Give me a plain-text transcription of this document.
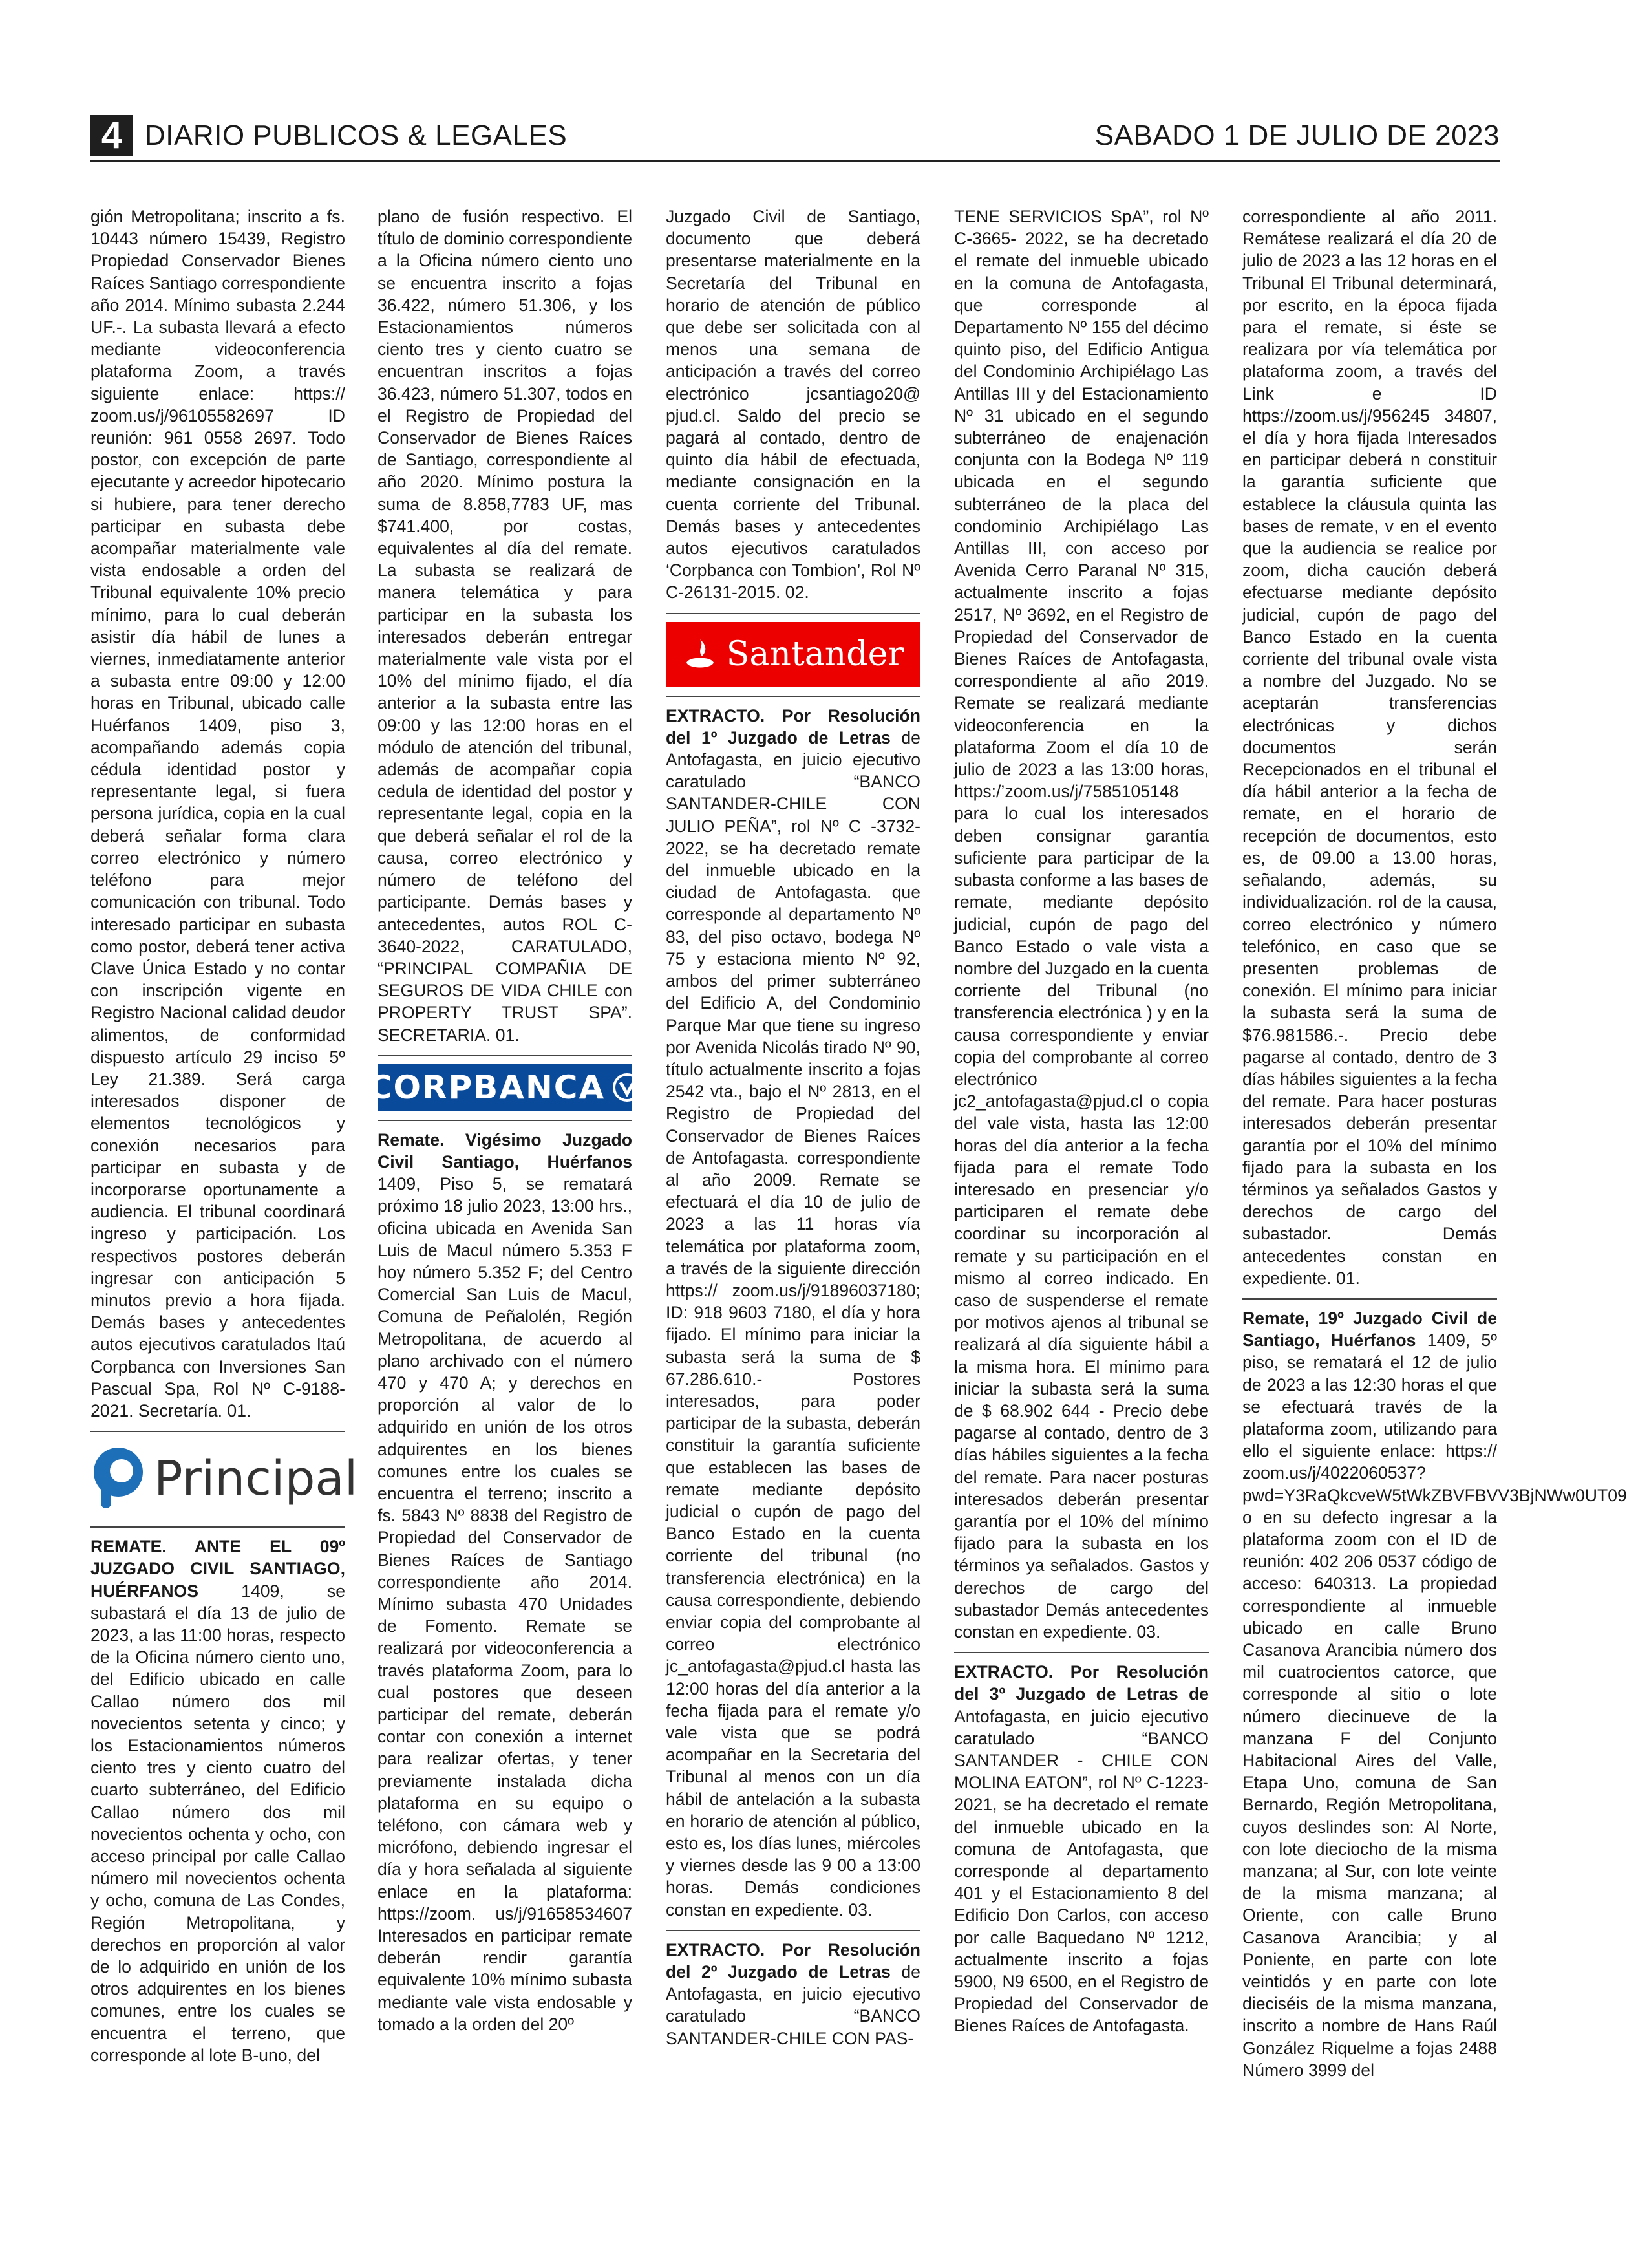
4 DIARIO PUBLICOS & LEGALES	SABADO 1 DE JULIO DE 2023

gión Metropolitana; inscrito a fs. 10443 número 15439, Registro Propiedad Conservador Bienes Raíces Santiago correspondiente año 2014. Mínimo subasta 2.244 UF.-. La subasta llevará a efecto mediante videoconferencia plataforma Zoom, a través siguiente enlace: https:// zoom.us/j/96105582697 ID reunión: 961 0558 2697. Todo postor, con excepción de parte ejecutante y acreedor hipotecario si hubiere, para tener derecho participar en subasta debe acompañar materialmente vale vista endosable a orden del Tribunal equivalente 10% precio mínimo, para lo cual deberán asistir día hábil de lunes a viernes, inmediatamente anterior a subasta entre 09:00 y 12:00 horas en Tribunal, ubicado calle Huérfanos 1409, piso 3, acompañando además copia cédula identidad postor y representante legal, si fuera persona jurídica, copia en la cual deberá señalar forma clara correo electrónico y número teléfono para mejor comunicación con tribunal. Todo interesado participar en subasta como postor, deberá tener activa Clave Única Estado y no contar con inscripción vigente en Registro Nacional calidad deudor alimentos, de conformidad dispuesto artículo 29 inciso 5º Ley 21.389. Será carga interesados disponer de elementos tecnológicos y conexión necesarios para participar en subasta y de incorporarse oportunamente a audiencia. El tribunal coordinará ingreso y participación. Los respectivos postores deberán ingresar con anticipación 5 minutos previo a hora fijada. Demás bases y antecedentes autos ejecutivos caratulados Itaú Corpbanca con Inversiones San Pascual Spa, Rol Nº C-9188-2021. Secretaría. 01.

Principal

REMATE. ANTE EL 09º JUZGADO CIVIL SANTIAGO, HUÉRFANOS 1409, se subastará el día 13 de julio de 2023, a las 11:00 horas, respecto de la Oficina número ciento uno, del Edificio ubicado en calle Callao número dos mil novecientos setenta y cinco; y los Estacionamientos números ciento tres y ciento cuatro del cuarto subterráneo, del Edificio Callao número dos mil novecientos ochenta y ocho, con acceso principal por calle Callao número mil novecientos ochenta y ocho, comuna de Las Condes, Región Metropolitana, y derechos en proporción al valor de lo adquirido en unión de los otros adquirentes en los bienes comunes, entre los cuales se encuentra el terreno, que corresponde al lote B-uno, del

plano de fusión respectivo. El título de dominio correspondiente a la Oficina número ciento uno se encuentra inscrito a fojas 36.422, número 51.306, y los Estacionamientos números ciento tres y ciento cuatro se encuentran inscritos a fojas 36.423, número 51.307, todos en el Registro de Propiedad del Conservador de Bienes Raíces de Santiago, correspondiente al año 2020. Mínimo postura la suma de 8.858,7783 UF, mas $741.400, por costas, equivalentes al día del remate. La subasta se realizará de manera telemática y para participar en la subasta los interesados deberán entregar materialmente vale vista por el 10% del mínimo fijado, el día anterior a la subasta entre las 09:00 y las 12:00 horas en el módulo de atención del tribunal, además de acompañar copia cedula de identidad del postor y representante legal, copia en la que deberá señalar el rol de la causa, correo electrónico y número de teléfono del participante. Demás bases y antecedentes, autos ROL C-3640-2022, CARATULADO, “PRINCIPAL COMPAÑIA DE SEGUROS DE VIDA CHILE con PROPERTY TRUST SPA”. SECRETARIA. 01.

CORPBANCA

Remate. Vigésimo Juzgado Civil Santiago, Huérfanos 1409, Piso 5, se rematará próximo 18 julio 2023, 13:00 hrs., oficina ubicada en Avenida San Luis de Macul número 5.353 F hoy número 5.352 F; del Centro Comercial San Luis de Macul, Comuna de Peñalolén, Región Metropolitana, de acuerdo al plano archivado con el número 470 y 470 A; y derechos en proporción al valor de lo adquirido en unión de los otros adquirentes en los bienes comunes entre los cuales se encuentra el terreno; inscrito a fs. 5843 Nº 8838 del Registro de Propiedad del Conservador de Bienes Raíces de Santiago correspondiente año 2014. Mínimo subasta 470 Unidades de Fomento. Remate se realizará por videoconferencia a través plataforma Zoom, para lo cual postores que deseen participar del remate, deberán contar con conexión a internet para realizar ofertas, y tener previamente instalada dicha plataforma en su equipo o teléfono, con cámara web y micrófono, debiendo ingresar el día y hora señalada al siguiente enlace en la plataforma: https://zoom. us/j/91658534607 Interesados en participar remate deberán rendir garantía equivalente 10% mínimo subasta mediante vale vista endosable y tomado a la orden del 20º

Juzgado Civil de Santiago, documento que deberá presentarse materialmente en la Secretaría del Tribunal en horario de atención de público que debe ser solicitada con al menos una semana de anticipación a través del correo electrónico jcsantiago20@ pjud.cl. Saldo del precio se pagará al contado, dentro de quinto día hábil de efectuada, mediante consignación en la cuenta corriente del Tribunal. Demás bases y antecedentes autos ejecutivos caratulados ‘Corpbanca con Tombion’, Rol Nº C-26131-2015. 02.

Santander

EXTRACTO. Por Resolución del 1º Juzgado de Letras de Antofagasta, en juicio ejecutivo caratulado “BANCO SANTANDER-CHILE CON JULIO PEÑA”, rol Nº C -3732-2022, se ha decretado remate del inmueble ubicado en la ciudad de Antofagasta. que corresponde al departamento Nº 83, del piso octavo, bodega Nº 75 y estaciona miento Nº 92, ambos del primer subterráneo del Edificio A, del Condominio Parque Mar que tiene su ingreso por Avenida Nicolás tirado Nº 90, título actualmente inscrito a fojas 2542 vta., bajo el Nº 2813, en el Registro de Propiedad del Conservador de Bienes Raíces de Antofagasta. correspondiente al año 2009. Remate se efectuará el día 10 de julio de 2023 a las 11 horas vía telemática por plataforma zoom, a través de la siguiente dirección https:// zoom.us/j/91896037180; ID: 918 9603 7180, el día y hora fijado. El mínimo para iniciar la subasta será la suma de $ 67.286.610.- Postores interesados, para poder participar de la subasta, deberán constituir la garantía suficiente que establecen las bases de remate mediante depósito judicial o cupón de pago del Banco Estado en la cuenta corriente del tribunal (no transferencia electrónica) en la causa correspondiente, debiendo enviar copia del comprobante al correo electrónico jc_antofagasta@pjud.cl hasta las 12:00 horas del día anterior a la fecha fijada para el remate y/o vale vista que se podrá acompañar en la Secretaria del Tribunal al menos con un día hábil de antelación a la subasta en horario de atención al público, esto es, los días lunes, miércoles y viernes desde las 9 00 a 13:00 horas. Demás condiciones constan en expediente. 03.

EXTRACTO. Por Resolución del 2º Juzgado de Letras de Antofagasta, en juicio ejecutivo caratulado “BANCO SANTANDER-CHILE CON PAS-

TENE SERVICIOS SpA”, rol Nº C-3665- 2022, se ha decretado el remate del inmueble ubicado en la comuna de Antofagasta, que corresponde al Departamento Nº 155 del décimo quinto piso, del Edificio Antigua del Condominio Archipiélago Las Antillas III y del Estacionamiento Nº 31 ubicado en el segundo subterráneo de enajenación conjunta con la Bodega Nº 119 ubicada en el segundo subterráneo de la placa del condominio Archipiélago Las Antillas III, con acceso por Avenida Cerro Paranal Nº 315, actualmente inscrito a fojas 2517, Nº 3692, en el Registro de Propiedad del Conservador de Bienes Raíces de Antofagasta, correspondiente al año 2019. Remate se realizará mediante videoconferencia en la plataforma Zoom el día 10 de julio de 2023 a las 13:00 horas, https:/’zoom.us/j/7585105148 para lo cual los interesados deben consignar garantía suficiente para participar de la subasta conforme a las bases de remate, mediante depósito judicial, cupón de pago del Banco Estado o vale vista a nombre del Juzgado en la cuenta corriente del Tribunal (no transferencia electrónica ) y en la causa correspondiente y enviar copia del comprobante al correo electrónico jc2_antofagasta@pjud.cl o copia del vale vista, hasta las 12:00 horas del día anterior a la fecha fijada para el remate Todo interesado en presenciar y/o participaren el remate debe coordinar su incorporación al remate y su participación en el mismo al correo indicado. En caso de suspenderse el remate por motivos ajenos al tribunal se realizará al día siguiente hábil a la misma hora. El mínimo para iniciar la subasta será la suma de $ 68.902 644 - Precio debe pagarse al contado, dentro de 3 días hábiles siguientes a la fecha del remate. Para nacer posturas interesados deberán presentar garantía por el 10% del mínimo fijado para la subasta en los términos ya señalados. Gastos y derechos de cargo del subastador Demás antecedentes constan en expediente. 03.

EXTRACTO. Por Resolución del 3º Juzgado de Letras de Antofagasta, en juicio ejecutivo caratulado “BANCO SANTANDER - CHILE CON MOLINA EATON”, rol Nº C-1223-2021, se ha decretado el remate del inmueble ubicado en la comuna de Antofagasta, que corresponde al departamento 401 y el Estacionamiento 8 del Edificio Don Carlos, con acceso por calle Baquedano Nº 1212, actualmente inscrito a fojas 5900, N9 6500, en el Registro de Propiedad del Conservador de Bienes Raíces de Antofagasta.

correspondiente al año 2011. Remátese realizará el día 20 de julio de 2023 a las 12 horas en el Tribunal El Tribunal determinará, por escrito, en la época fijada para el remate, si éste se realizara por vía telemática por plataforma zoom, a través del Link e ID https://zoom.us/j/956245 34807, el día y hora fijada Interesados en participar deberá n constituir la garantía suficiente que establece la cláusula quinta las bases de remate, v en el evento que la audiencia se realice por zoom, dicha caución deberá efectuarse mediante depósito judicial, cupón de pago del Banco Estado en la cuenta corriente del tribunal ovale vista a nombre del Juzgado. No se aceptarán transferencias electrónicas y dichos documentos serán Recepcionados en el tribunal el día hábil anterior a la fecha de remate, en el horario de recepción de documentos, esto es, de 09.00 a 13.00 horas, señalando, además, su individualización. rol de la causa, correo electrónico y número telefónico, en caso que se presenten problemas de conexión. El mínimo para iniciar la subasta será la suma de $76.981586.-. Precio debe pagarse al contado, dentro de 3 días hábiles siguientes a la fecha del remate. Para hacer posturas interesados deberán presentar garantía por el 10% del mínimo fijado para la subasta en los términos ya señalados Gastos y derechos de cargo del subastador. Demás antecedentes constan en expediente. 01.

Remate, 19º Juzgado Civil de Santiago, Huérfanos 1409, 5º piso, se rematará el 12 de julio de 2023 a las 12:30 horas el que se efectuará través de la plataforma zoom, utilizando para ello el siguiente enlace: https:// zoom.us/j/4022060537?pwd=Y3RaQkcveW5tWkZBVFBVV3BjNWw0UT09 o en su defecto ingresar a la plataforma zoom con el ID de reunión: 402 206 0537 código de acceso: 640313. La propiedad correspondiente al inmueble ubicado en calle Bruno Casanova Arancibia número dos mil cuatrocientos catorce, que corresponde al sitio o lote número diecinueve de la manzana F del Conjunto Habitacional Aires del Valle, Etapa Uno, comuna de San Bernardo, Región Metropolitana, cuyos deslindes son: Al Norte, con lote dieciocho de la misma manzana; al Sur, con lote veinte de la misma manzana; al Oriente, con calle Bruno Casanova Arancibia; y al Poniente, en parte con lote veintidós y en parte con lote dieciséis de la misma manzana, inscrito a nombre de Hans Raúl González Riquelme a fojas 2488 Número 3999 del
